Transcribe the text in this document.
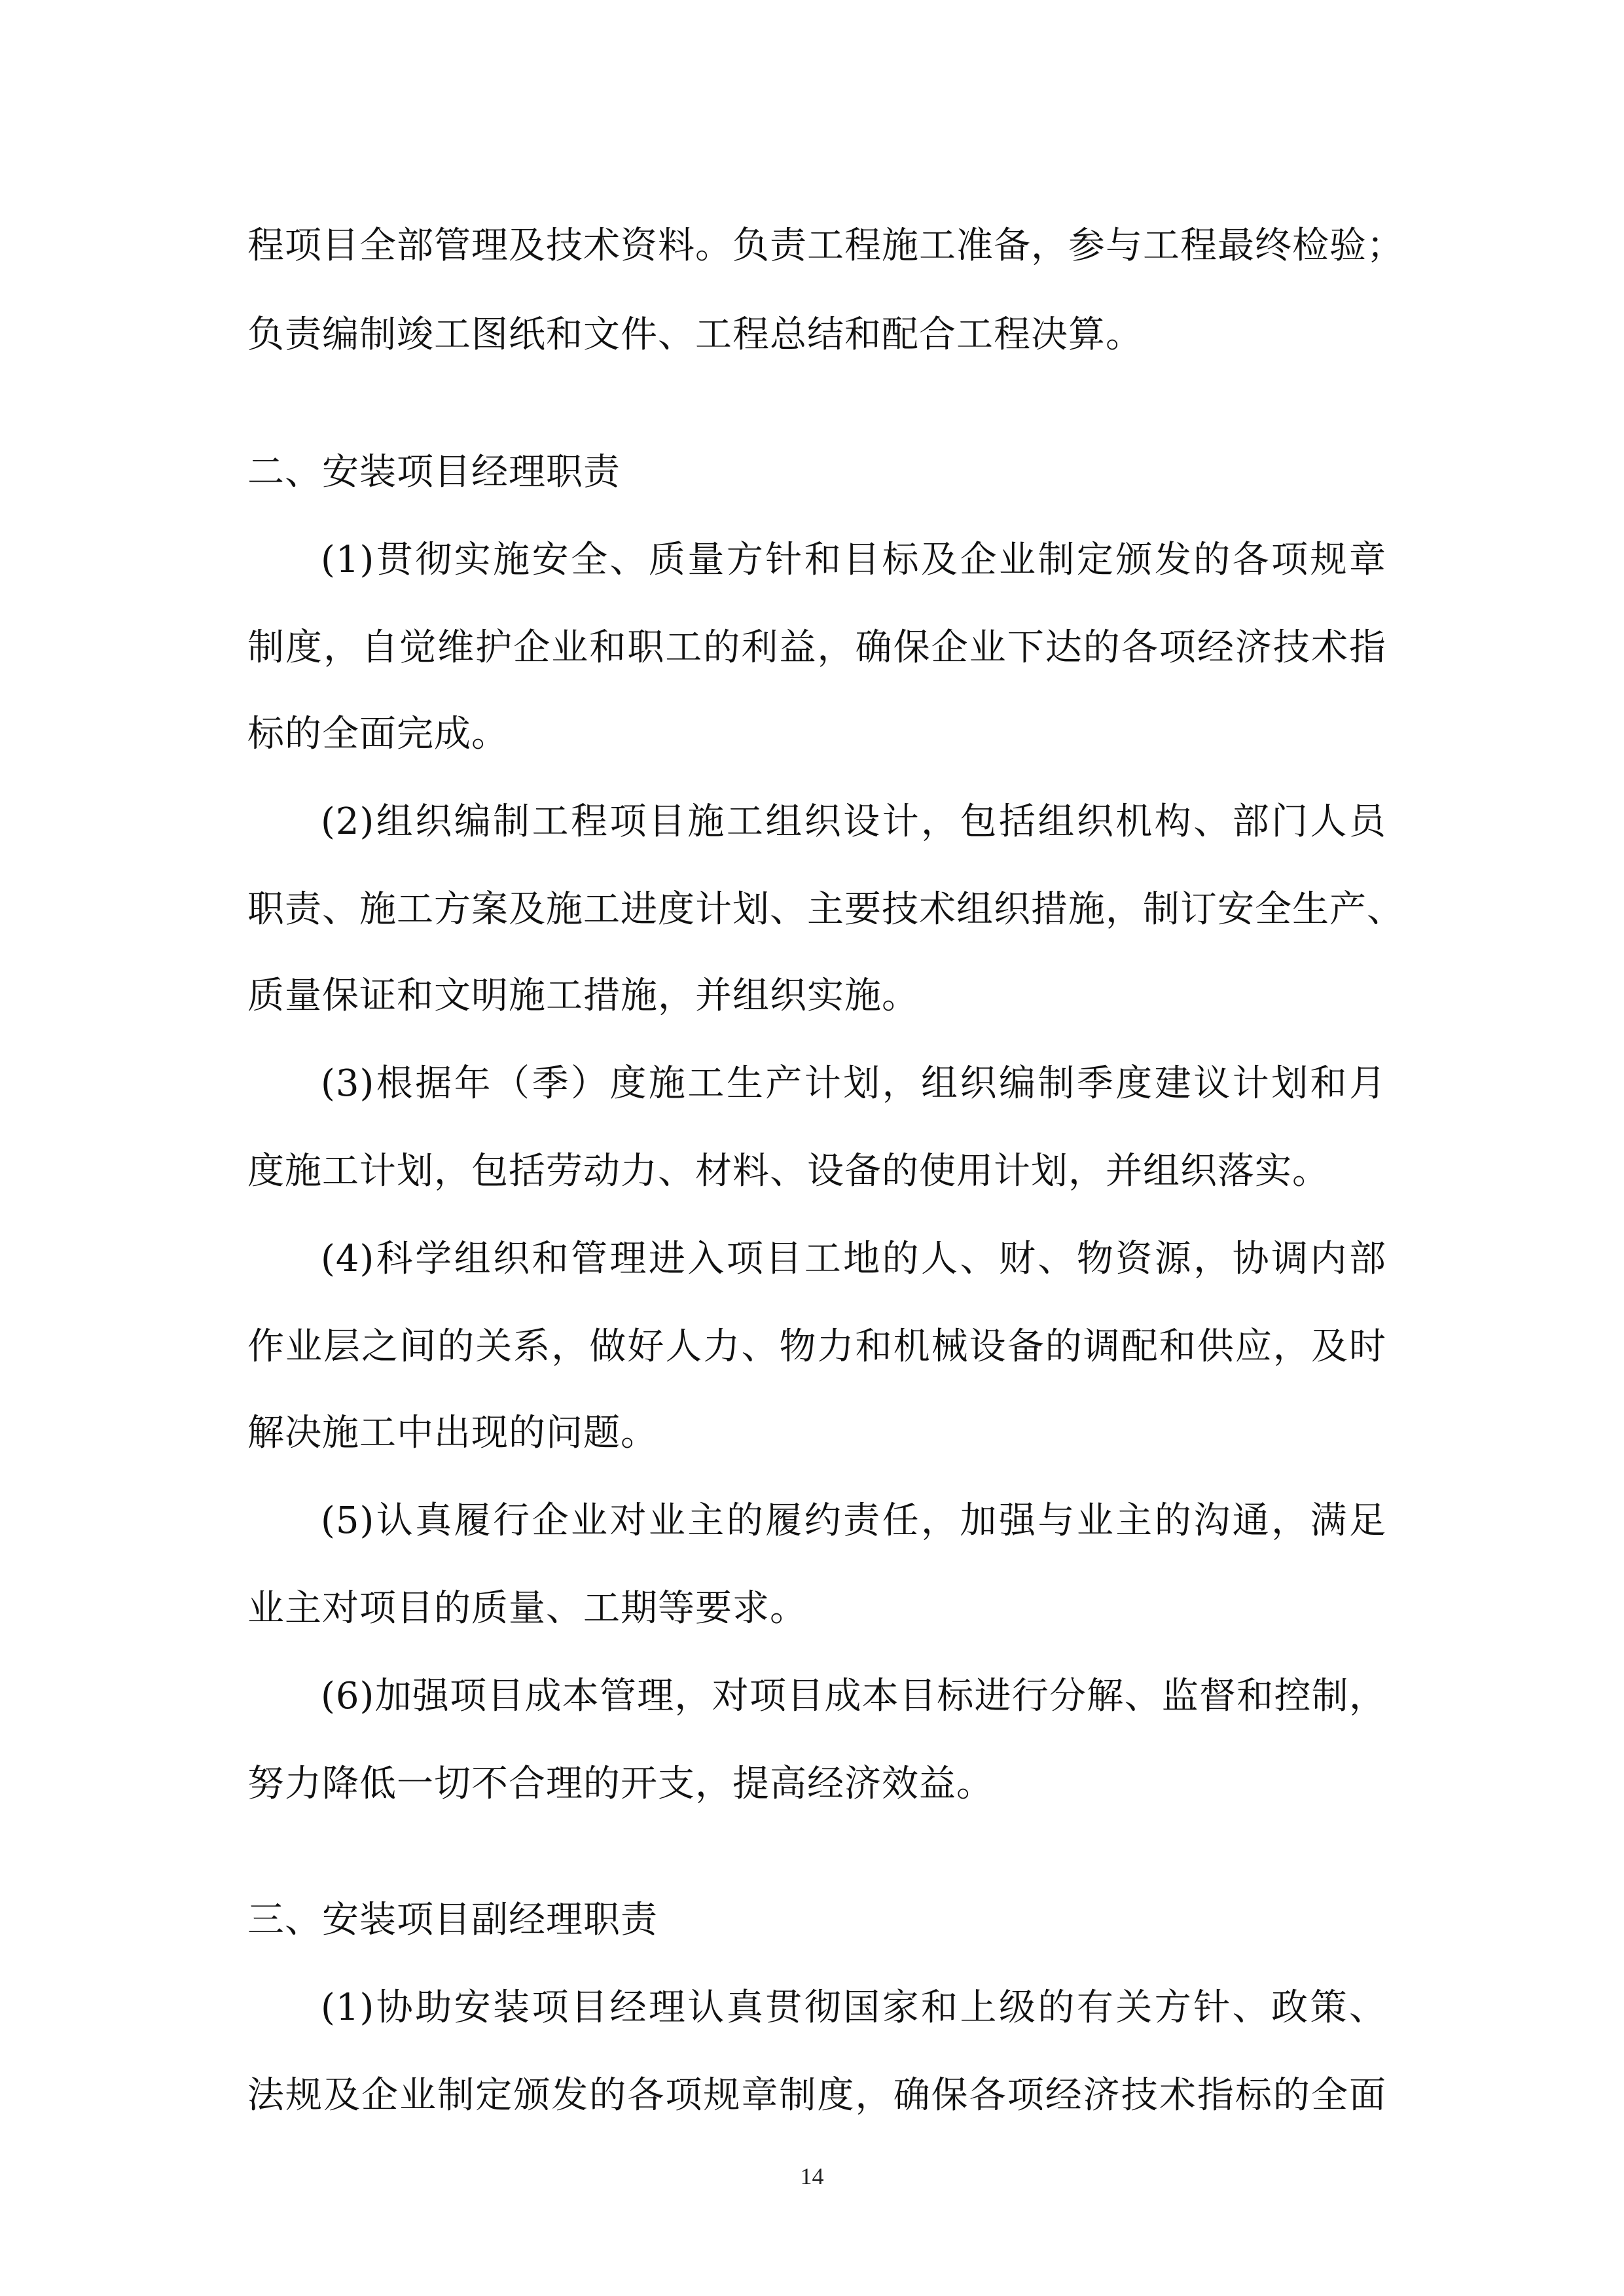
程项目全部管理及技术资料。负责工程施工准备，参与工程最终检验；
负责编制竣工图纸和文件、工程总结和配合工程决算。
二、安装项目经理职责
(1)贯彻实施安全、质量方针和目标及企业制定颁发的各项规章
制度，自觉维护企业和职工的利益，确保企业下达的各项经济技术指
标的全面完成。
(2)组织编制工程项目施工组织设计，包括组织机构、部门人员
职责、施工方案及施工进度计划、主要技术组织措施，制订安全生产、
质量保证和文明施工措施，并组织实施。
(3)根据年（季）度施工生产计划，组织编制季度建议计划和月
度施工计划，包括劳动力、材料、设备的使用计划，并组织落实。
(4)科学组织和管理进入项目工地的人、财、物资源，协调内部
作业层之间的关系，做好人力、物力和机械设备的调配和供应，及时
解决施工中出现的问题。
(5)认真履行企业对业主的履约责任，加强与业主的沟通，满足
业主对项目的质量、工期等要求。
(6)加强项目成本管理，对项目成本目标进行分解、监督和控制，
努力降低一切不合理的开支，提高经济效益。
三、安装项目副经理职责
(1)协助安装项目经理认真贯彻国家和上级的有关方针、政策、
法规及企业制定颁发的各项规章制度，确保各项经济技术指标的全面
14
